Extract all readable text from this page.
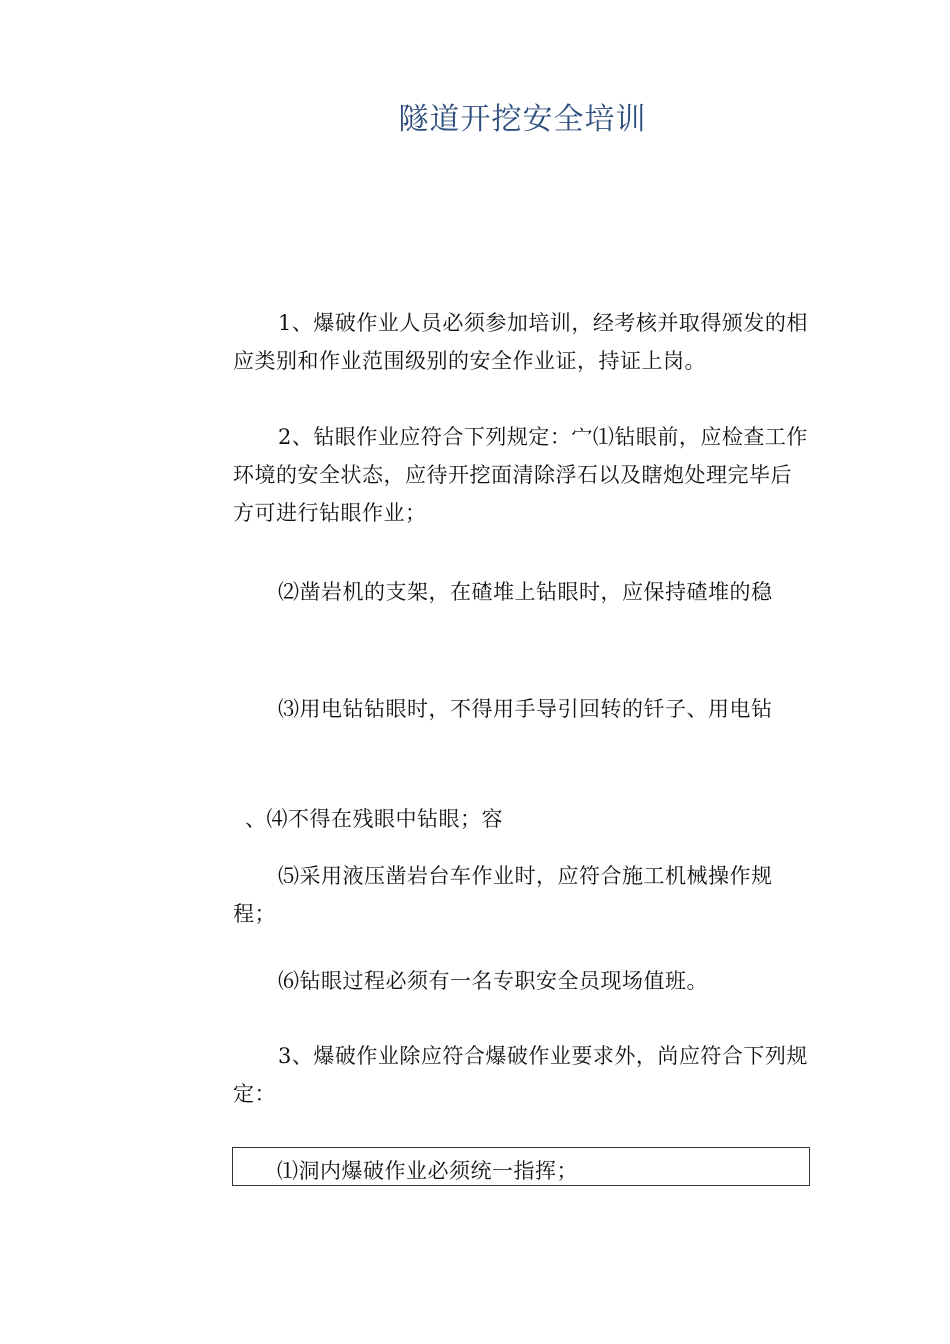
隧道开挖安全培训
1、爆破作业人员必须参加培训，经考核并取得颁发的相应类别和作业范围级别的安全作业证，持证上岗。
2、钻眼作业应符合下列规定：宀⑴钻眼前，应检查工作环境的安全状态，应待开挖面清除浮石以及瞎炮处理完毕后方可进行钻眼作业；
⑵凿岩机的支架，在碴堆上钻眼时，应保持碴堆的稳
⑶用电钻钻眼时，不得用手导引回转的钎子、用电钻
、⑷不得在残眼中钻眼；容
⑸采用液压凿岩台车作业时，应符合施工机械操作规程；
⑹钻眼过程必须有一名专职安全员现场值班。
3、爆破作业除应符合爆破作业要求外，尚应符合下列规定：
⑴洞内爆破作业必须统一指挥；
